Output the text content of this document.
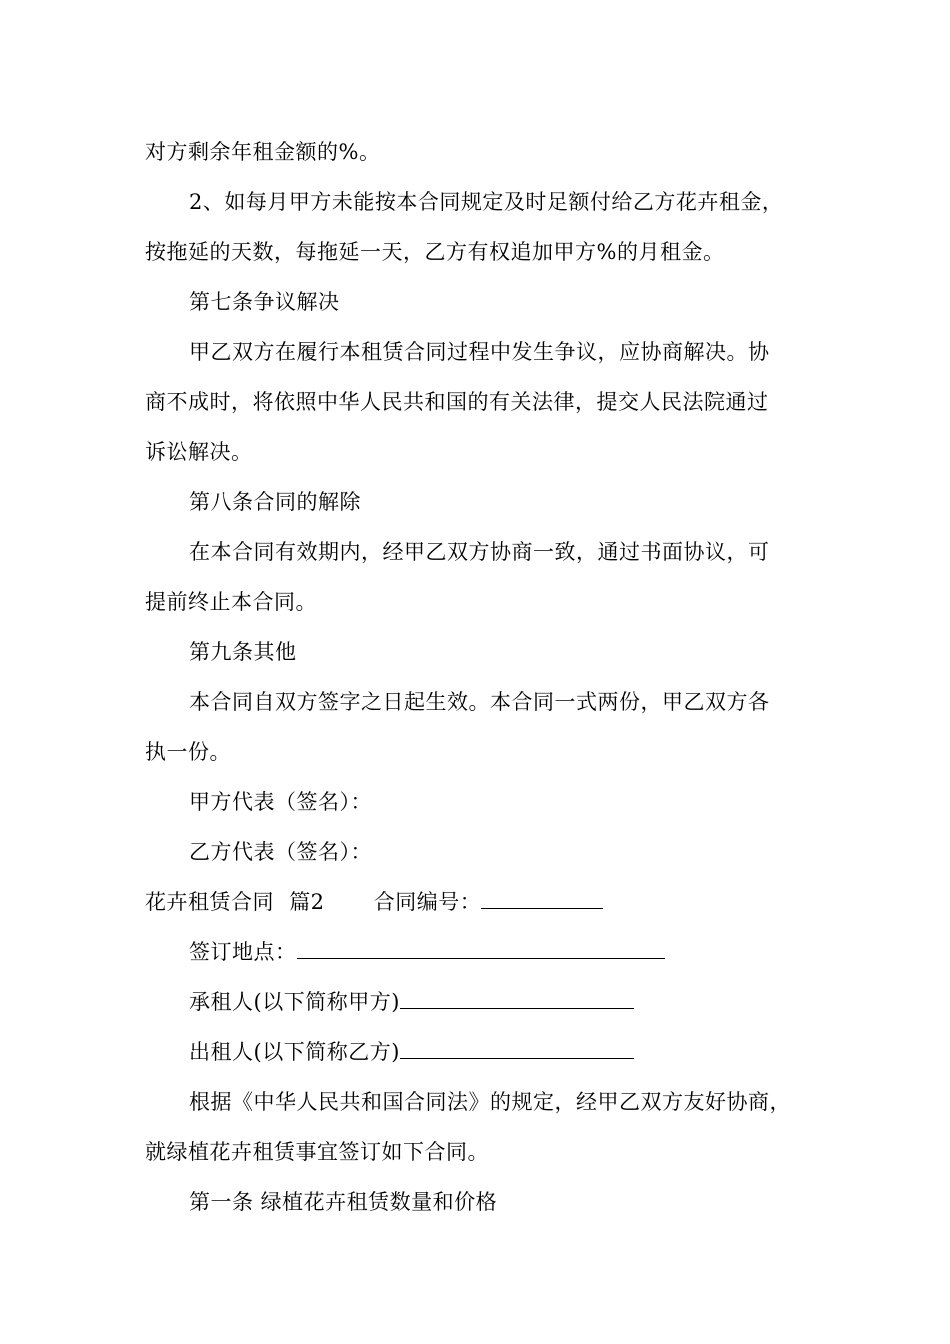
对方剩余年租金额的%。
2、如每月甲方未能按本合同规定及时足额付给乙方花卉租金，
按拖延的天数，每拖延一天，乙方有权追加甲方%的月租金。
第七条争议解决
甲乙双方在履行本租赁合同过程中发生争议，应协商解决。协
商不成时，将依照中华人民共和国的有关法律，提交人民法院通过
诉讼解决。
第八条合同的解除
在本合同有效期内，经甲乙双方协商一致，通过书面协议，可
提前终止本合同。
第九条其他
本合同自双方签字之日起生效。本合同一式两份，甲乙双方各
执一份。
甲方代表（签名）：
乙方代表（签名）：
花卉租赁合同 篇2 合同编号：
签订地点：
承租人(以下简称甲方)
出租人(以下简称乙方)
根据《中华人民共和国合同法》的规定，经甲乙双方友好协商，
就绿植花卉租赁事宜签订如下合同。
第一条 绿植花卉租赁数量和价格
